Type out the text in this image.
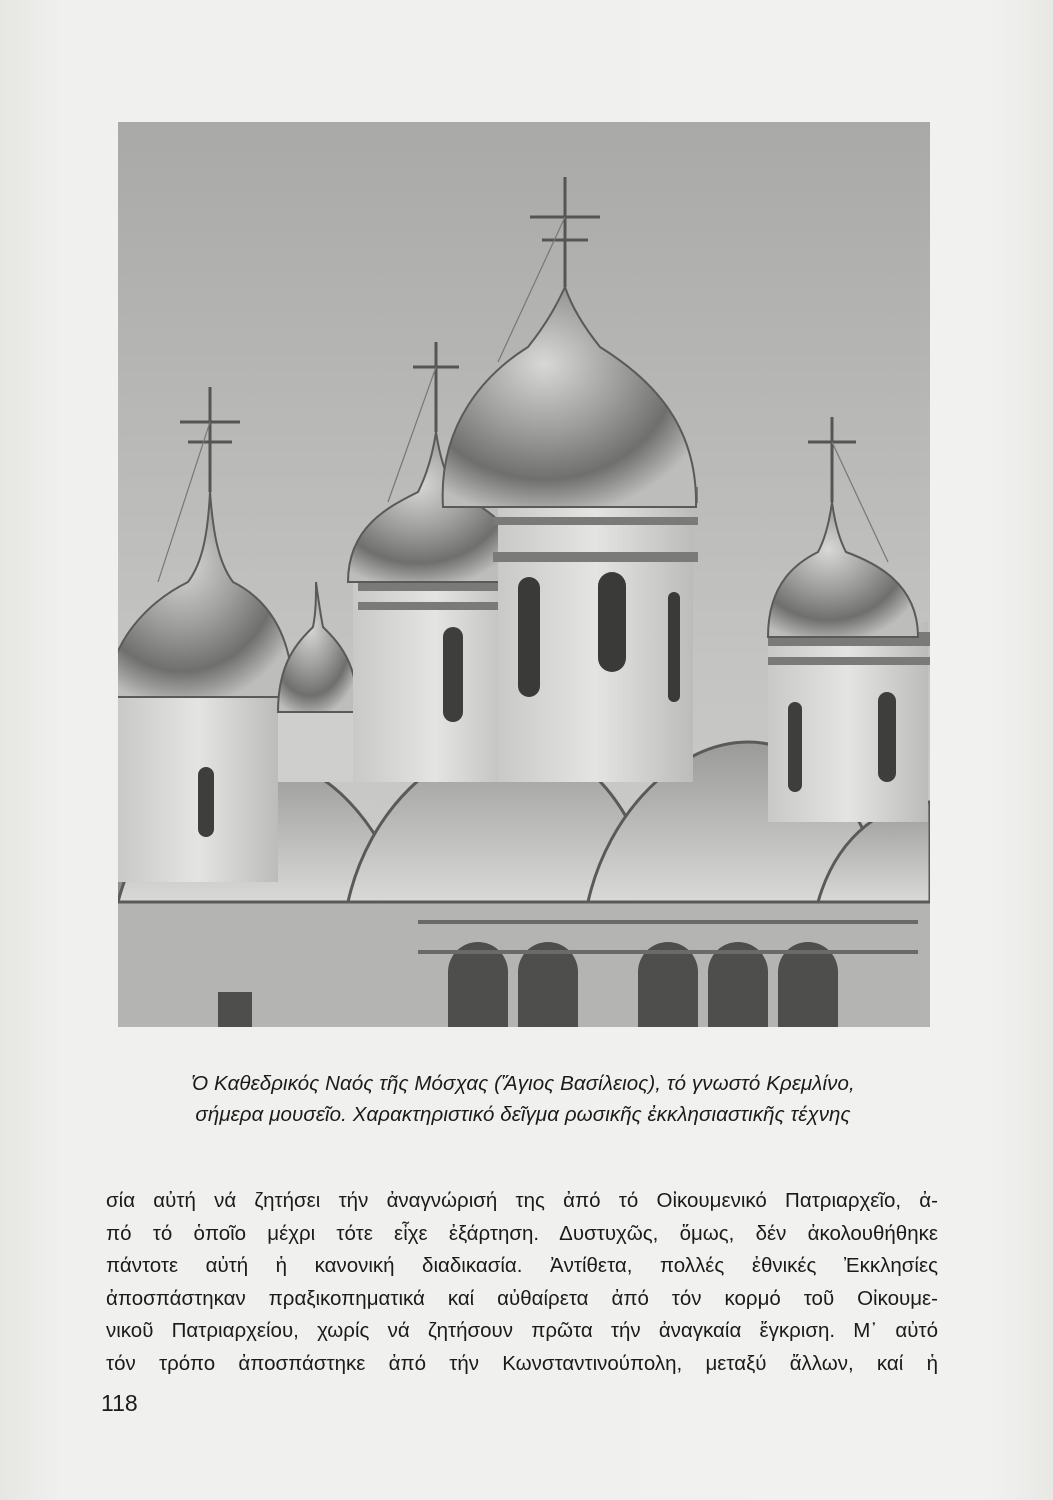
Ὁ Καθεδρικός Ναός τῆς Μόσχας (Ἅγιος Βασίλειος), τό γνωστό Κρεμλίνο,
σήμερα μουσεῖο. Χαρακτηριστικό δεῖγμα ρωσικῆς ἐκκλησιαστικῆς τέχνης
σία αὐτή νά ζητήσει τήν ἀναγνώρισή της ἀπό τό Οἰκουμενικό Πατριαρχεῖο, ἀ-
πό τό ὁποῖο μέχρι τότε εἶχε ἐξάρτηση. Δυστυχῶς, ὅμως, δέν ἀκολουθήθηκε
πάντοτε αὐτή ἡ κανονική διαδικασία. Ἀντίθετα, πολλές ἐθνικές Ἐκκλησίες
ἀποσπάστηκαν πραξικοπηματικά καί αὐθαίρετα ἀπό τόν κορμό τοῦ Οἰκουμε-
νικοῦ Πατριαρχείου, χωρίς νά ζητήσουν πρῶτα τήν ἀναγκαία ἔγκριση. Μ᾿ αὐτό
τόν τρόπο ἀποσπάστηκε ἀπό τήν Κωνσταντινούπολη, μεταξύ ἄλλων, καί ἡ
118
